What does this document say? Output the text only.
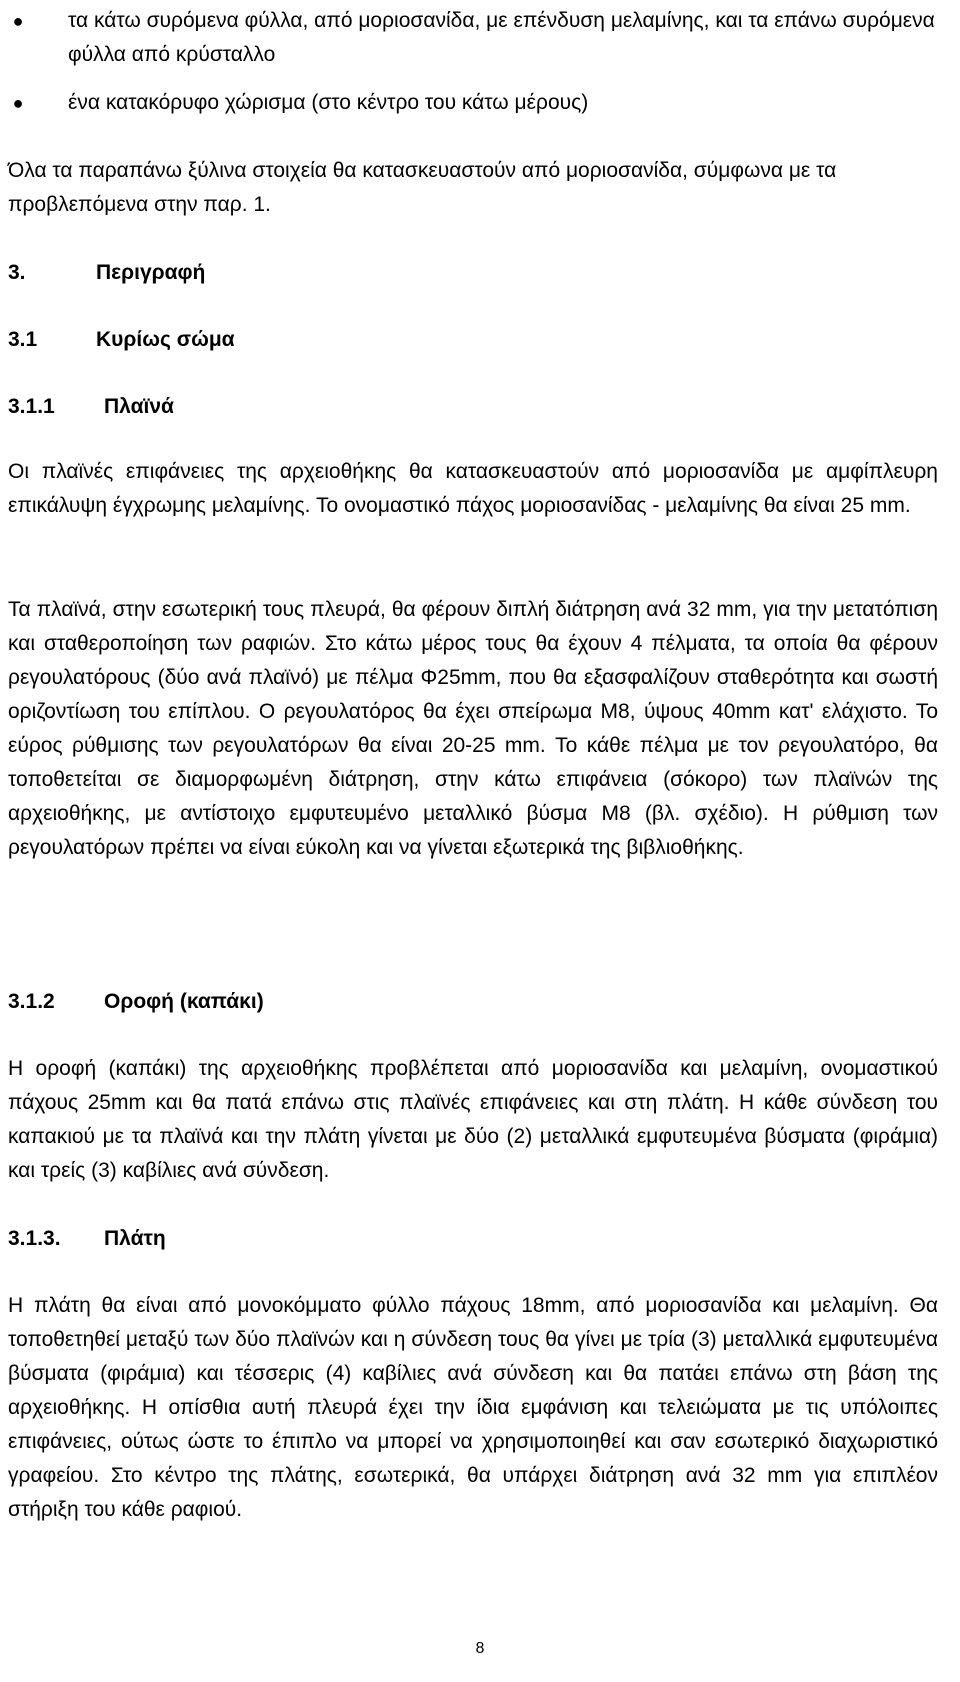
● τα κάτω συρόμενα φύλλα, από μοριοσανίδα, με επένδυση μελαμίνης, και τα επάνω συρόμενα φύλλα από κρύσταλλο
● ένα κατακόρυφο χώρισμα (στο κέντρο του κάτω μέρους)

Όλα τα παραπάνω ξύλινα στοιχεία θα κατασκευαστούν από μοριοσανίδα, σύμφωνα με τα προβλεπόμενα στην παρ. 1.

3.	Περιγραφή
3.1	Κυρίως σώμα
3.1.1 Πλαϊνά

Οι πλαϊνές επιφάνειες της αρχειοθήκης θα κατασκευαστούν από μοριοσανίδα με αμφίπλευρη επικάλυψη έγχρωμης μελαμίνης. Το ονομαστικό πάχος μοριοσανίδας - μελαμίνης θα είναι 25 mm.

Τα πλαϊνά, στην εσωτερική τους πλευρά, θα φέρουν διπλή διάτρηση ανά 32 mm, για την μετατόπιση και σταθεροποίηση των ραφιών. Στο κάτω μέρος τους θα έχουν 4 πέλματα, τα οποία θα φέρουν ρεγουλατόρους (δύο ανά πλαϊνό) με πέλμα Φ25mm, που θα εξασφαλίζουν σταθερότητα και σωστή οριζοντίωση του επίπλου. Ο ρεγουλατόρος θα έχει σπείρωμα Μ8, ύψους 40mm κατ' ελάχιστο. Το εύρος ρύθμισης των ρεγουλατόρων θα είναι 20-25 mm. Το κάθε πέλμα με τον ρεγουλατόρο, θα τοποθετείται σε διαμορφωμένη διάτρηση, στην κάτω επιφάνεια (σόκορο) των πλαϊνών της αρχειοθήκης, με αντίστοιχο εμφυτευμένο μεταλλικό βύσμα Μ8 (βλ. σχέδιο). Η ρύθμιση των ρεγουλατόρων πρέπει να είναι εύκολη και να γίνεται εξωτερικά της βιβλιοθήκης.

3.1.2 Οροφή (καπάκι)

Η οροφή (καπάκι) της αρχειοθήκης προβλέπεται από μοριοσανίδα και μελαμίνη, ονομαστικού πάχους 25mm και θα πατά επάνω στις πλαϊνές επιφάνειες και στη πλάτη. Η κάθε σύνδεση του καπακιού με τα πλαϊνά και την πλάτη γίνεται με δύο (2) μεταλλικά εμφυτευμένα βύσματα (φιράμια) και τρείς (3) καβίλιες ανά σύνδεση.

3.1.3. Πλάτη

Η πλάτη θα είναι από μονοκόμματο φύλλο πάχους 18mm, από μοριοσανίδα και μελαμίνη. Θα τοποθετηθεί μεταξύ των δύο πλαϊνών και η σύνδεση τους θα γίνει με τρία (3) μεταλλικά εμφυτευμένα βύσματα (φιράμια) και τέσσερις (4) καβίλιες ανά σύνδεση και θα πατάει επάνω στη βάση της αρχειοθήκης. Η οπίσθια αυτή πλευρά έχει την ίδια εμφάνιση και τελειώματα με τις υπόλοιπες επιφάνειες, ούτως ώστε το έπιπλο να μπορεί να χρησιμοποιηθεί και σαν εσωτερικό διαχωριστικό γραφείου. Στο κέντρο της πλάτης, εσωτερικά, θα υπάρχει διάτρηση ανά 32 mm για επιπλέον στήριξη του κάθε ραφιού.

8
